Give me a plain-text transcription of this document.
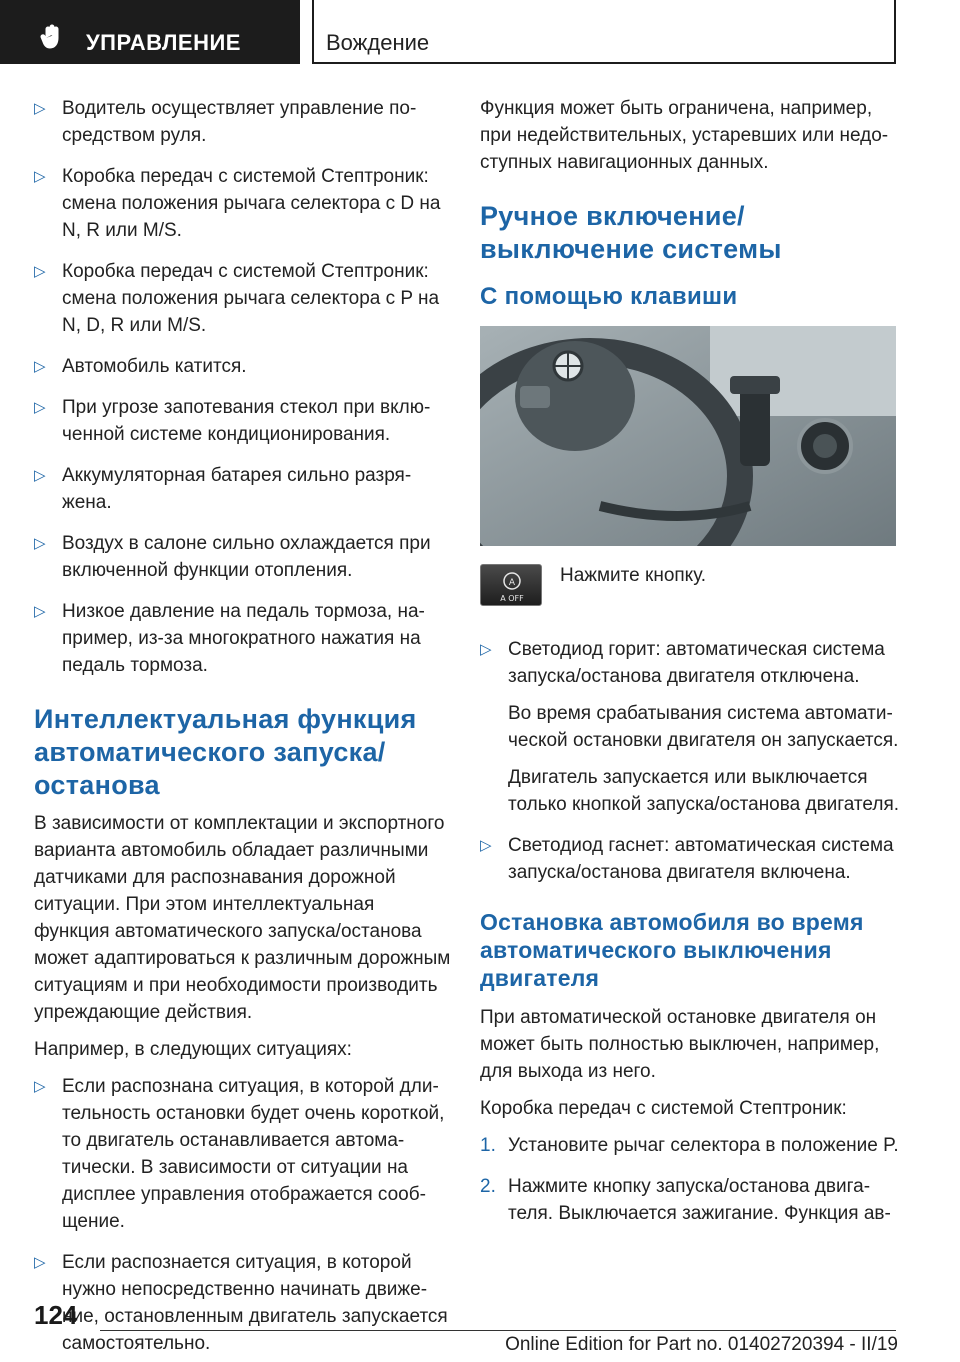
УПРАВЛЕНИЕ	Вождение
▷ Водитель осуществляет управление посредством руля.
▷ Коробка передач с системой Стептроник: смена положения рычага селектора с D на N, R или M/S.
▷ Коробка передач с системой Стептроник: смена положения рычага селектора с P на N, D, R или M/S.
▷ Автомобиль катится.
▷ При угрозе запотевания стекол при включенной системе кондиционирования.
▷ Аккумуляторная батарея сильно разряжена.
▷ Воздух в салоне сильно охлаждается при включенной функции отопления.
▷ Низкое давление на педаль тормоза, например, из-за многократного нажатия на педаль тормоза.
Интеллектуальная функция автоматического запуска/останова

В зависимости от комплектации и экспортного варианта автомобиль обладает различными датчиками для распознавания дорожной ситуации. При этом интеллектуальная функция автоматического запуска/останова может адаптироваться к различным дорожным ситуациям и при необходимости производить упреждающие действия.

Например, в следующих ситуациях:

▷ Если распознана ситуация, в которой длительность остановки будет очень короткой, то двигатель останавливается автоматически. В зависимости от ситуации на дисплее управления отображается сообщение.
▷ Если распознается ситуация, в которой нужно непосредственно начинать движение, остановленным двигатель запускается самостоятельно.

Функция может быть ограничена, например, при недействительных, устаревших или недоступных навигационных данных.

Ручное включение/выключение системы
С помощью клавиши
A
A OFF
Нажмите кнопку.
▷ Светодиод горит: автоматическая система запуска/останова двигателя отключена.
Во время срабатывания система автоматической остановки двигателя он запускается.
Двигатель запускается или выключается только кнопкой запуска/останова двигателя.
▷ Светодиод гаснет: автоматическая система запуска/останова двигателя включена.
Остановка автомобиля во время автоматического выключения двигателя

При автоматической остановке двигателя он может быть полностью выключен, например, для выхода из него.

Коробка передач с системой Стептроник:

1. Установите рычаг селектора в положение P.
2. Нажмите кнопку запуска/останова двигателя. Выключается зажигание. Функция ав-
124
Online Edition for Part no. 01402720394 - II/19
